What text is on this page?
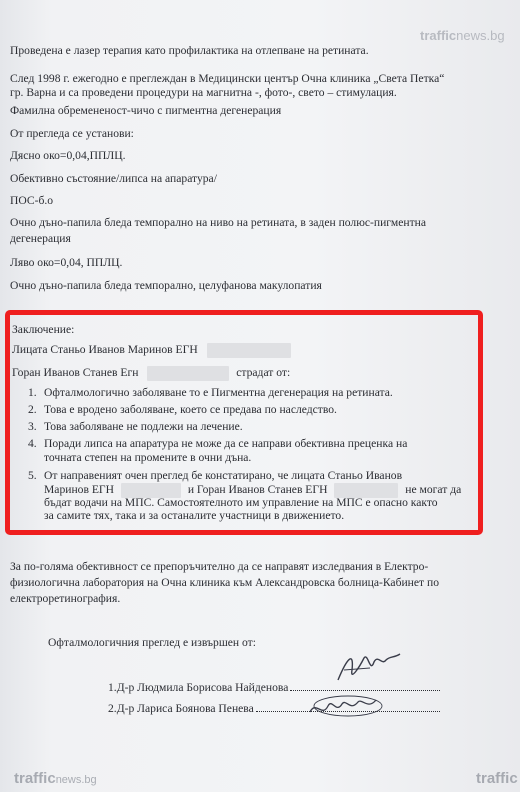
trafficnews.bg
trafficnews.bg	traffic
Проведена е лазер терапия като профилактика на отлепване на ретината.
След 1998 г. ежегодно е преглеждан в Медицински център Очна клиника „Света Петка“
гр. Варна и са проведени процедури на магнитна -, фото-, свето – стимулация.
Фамилна обремененост-чичо с пигментна дегенерация
От прегледа се установи:
Дясно око=0,04,ППЛЦ.
Обективно състояние/липса на апаратура/
ПОС-б.о
Очно дъно-папила бледа темпорално на ниво на ретината, в заден полюс-пигментна
дегенерация
Ляво око=0,04, ППЛЦ.
Очно дъно-папила бледа темпорално, целуфанова макулопатия
Заключение:
Лицата Станьо Иванов Маринов ЕГН
Горан Иванов Станев Егн	страдат от:
1. Офталмологично заболяване то е Пигментна дегенерация на ретината.
2. Това е вродено заболяване, което се предава по наследство.
3. Това заболяване не подлежи на лечение.
4. Поради липса на апаратура не може да се направи обективна преценка на
точната степен на промените в очни дъна.
5. От направеният очен преглед бе констатирано, че лицата Станьо Иванов
Маринов ЕГН	и Горан Иванов Станев ЕГН	не могат да
бъдат водачи на МПС. Самостоятелното им управление на МПС е опасно както
За по-голяма обективност се препоръчително да се направят изследвания в Електро-
физиологична лаборатория на Очна клиника към Александровска болница-Кабинет по
електроретинография.
Офталмологичния преглед е извършен от:
1.Д-р Людмила Борисова Найденова
2.Д-р Лариса Боянова Пенева
за самите тях, така и за останалите участници в движението.
